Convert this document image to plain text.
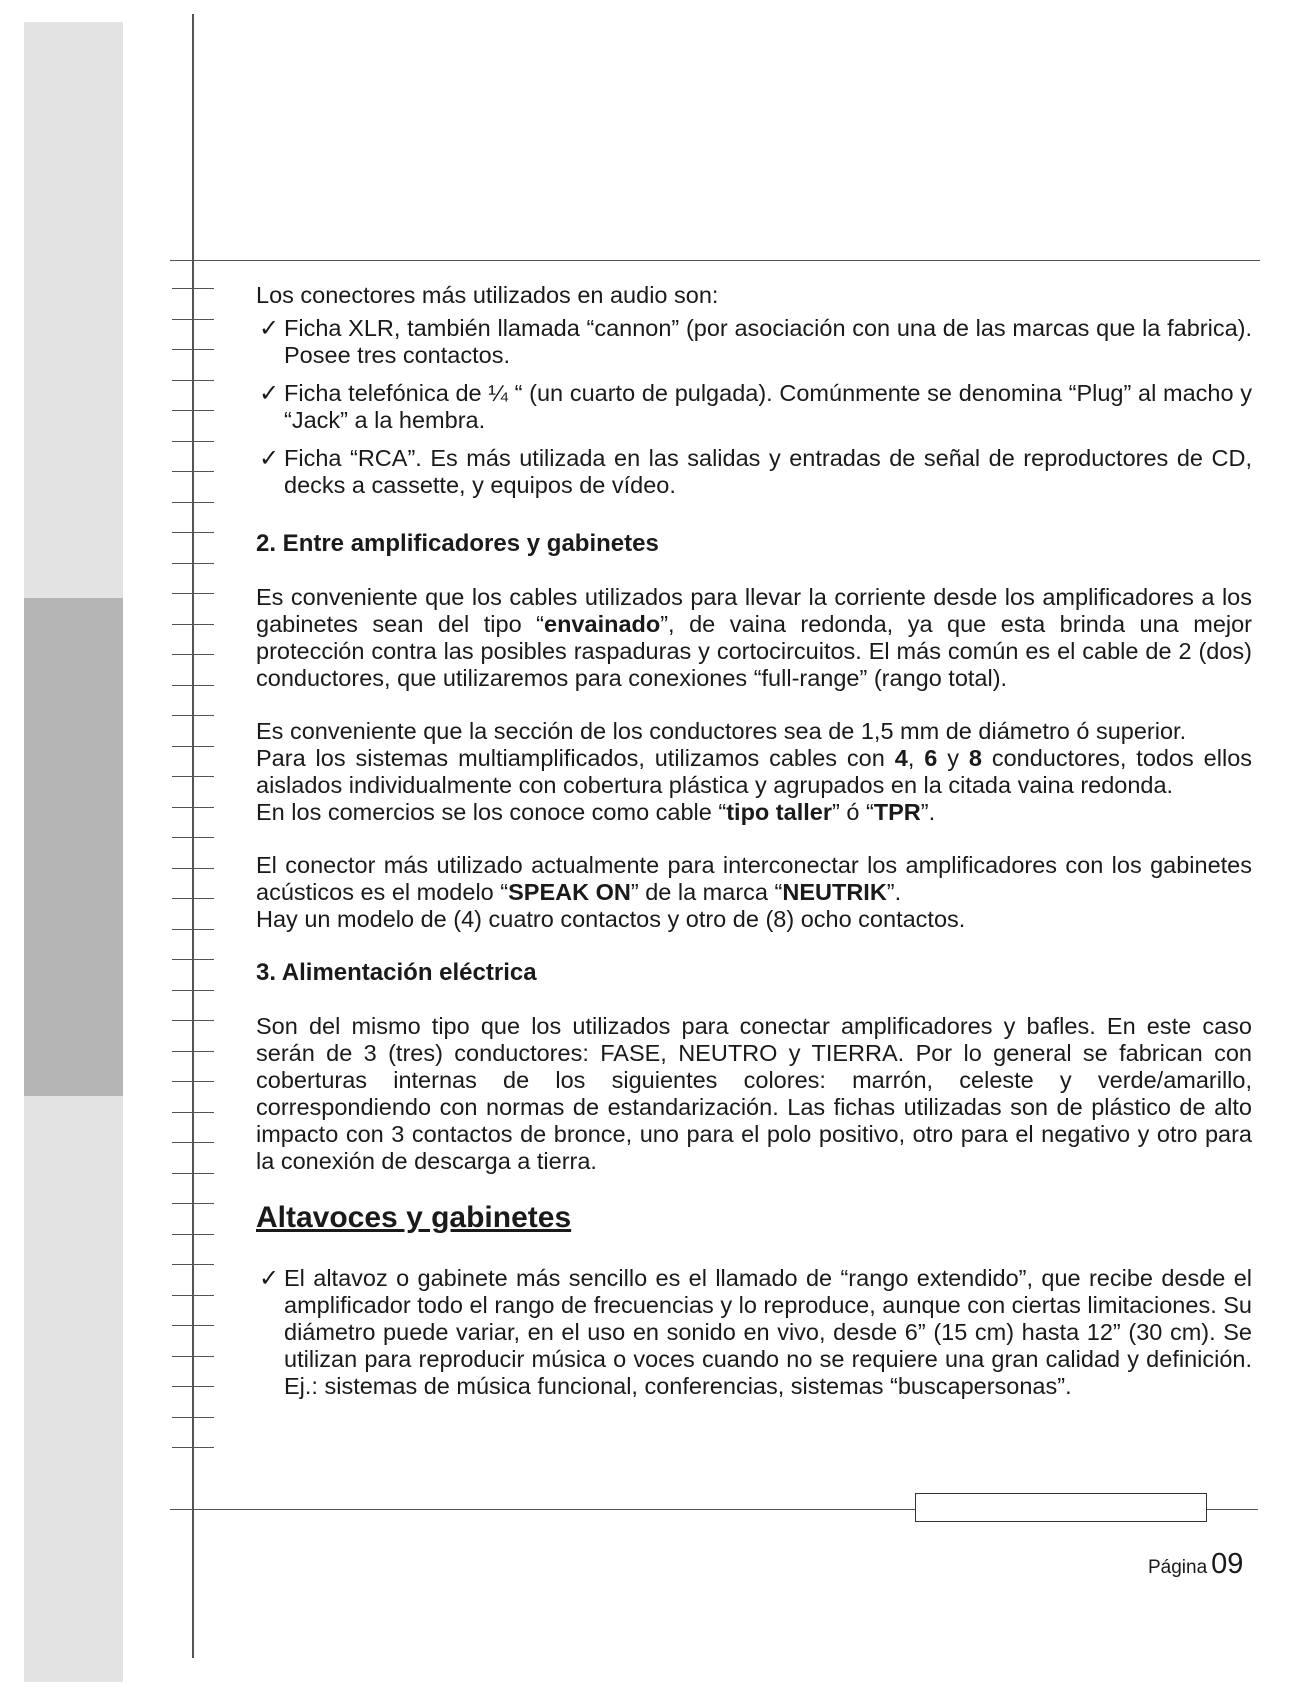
Los conectores más utilizados en audio son:

✓ Ficha XLR, también llamada “cannon” (por asociación con una de las marcas que la fabrica). Posee tres contactos.
✓ Ficha telefónica de ¼ “ (un cuarto de pulgada). Comúnmente se denomina “Plug” al macho y “Jack” a la hembra.
✓ Ficha “RCA”. Es más utilizada en las salidas y entradas de señal de reproductores de CD, decks a cassette, y equipos de vídeo.
2. Entre amplificadores y gabinetes

Es conveniente que los cables utilizados para llevar la corriente desde los amplificadores a los gabinetes sean del tipo “envainado”, de vaina redonda, ya que esta brinda una mejor protección contra las posibles raspaduras y cortocircuitos. El más común es el cable de 2 (dos) conductores, que utilizaremos para conexiones “full-range” (rango total).

Es conveniente que la sección de los conductores sea de 1,5 mm de diámetro ó superior.

Para los sistemas multiamplificados, utilizamos cables con 4, 6 y 8 conductores, todos ellos aislados individualmente con cobertura plástica y agrupados en la citada vaina redonda.

En los comercios se los conoce como cable “tipo taller” ó “TPR”.

El conector más utilizado actualmente para interconectar los amplificadores con los gabinetes acústicos es el modelo “SPEAK ON” de la marca “NEUTRIK”.

Hay un modelo de (4) cuatro contactos y otro de (8) ocho contactos.

3. Alimentación eléctrica

Son del mismo tipo que los utilizados para conectar amplificadores y bafles. En este caso serán de 3 (tres) conductores: FASE, NEUTRO y TIERRA. Por lo general se fabrican con coberturas internas de los siguientes colores: marrón, celeste y verde/amarillo, correspondiendo con normas de estandarización. Las fichas utilizadas son de plástico de alto impacto con 3 contactos de bronce, uno para el polo positivo, otro para el negativo y otro para la conexión de descarga a tierra.

Altavoces y gabinetes
✓ El altavoz o gabinete más sencillo es el llamado de “rango extendido”, que recibe desde el amplificador todo el rango de frecuencias y lo reproduce, aunque con ciertas limitaciones. Su diámetro puede variar, en el uso en sonido en vivo, desde 6” (15 cm) hasta 12” (30 cm). Se utilizan para reproducir música o voces cuando no se requiere una gran calidad y definición. Ej.: sistemas de música funcional, conferencias, sistemas “buscapersonas”.
Página 09
